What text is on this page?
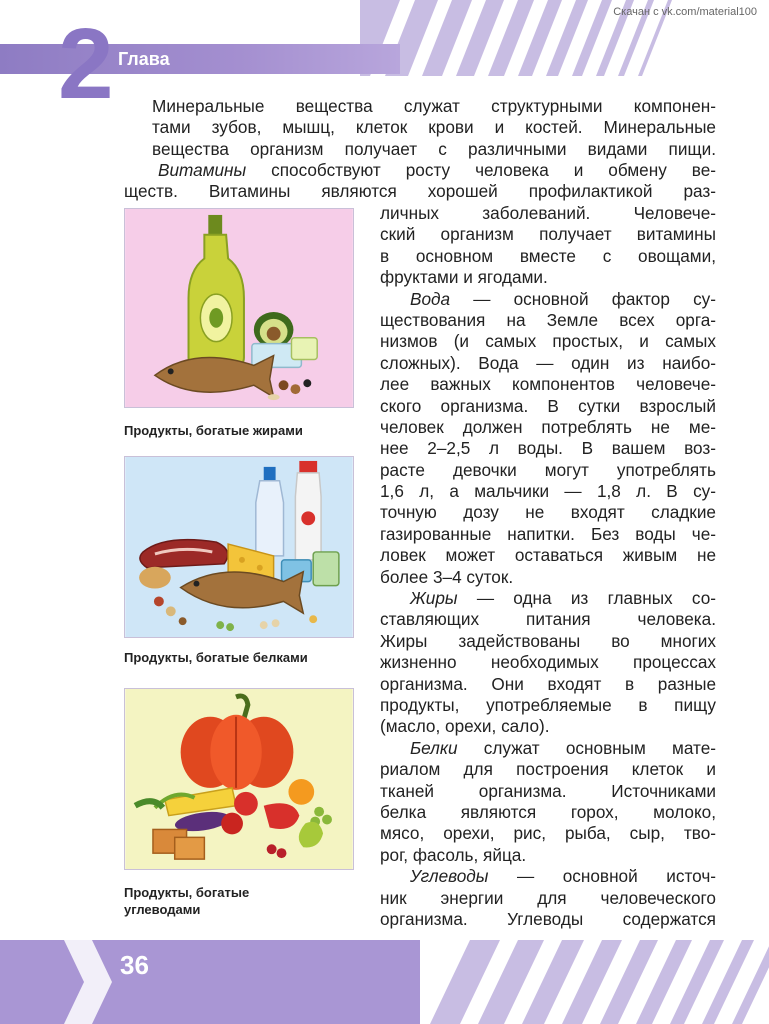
2 Глава
Скачан с vk.com/material100
Минеральные вещества служат структурными компонен-
тами зубов, мышц, клеток крови и костей. Минеральные
вещества организм получает с различными видами пищи.
Витамины способствуют росту человека и обмену ве-
ществ. Витамины являются хорошей профилактикой раз-
личных заболеваний. Человече-
ский организм получает витамины
в основном вместе с овощами,
фруктами и ягодами.
Вода — основной фактор су-
ществования на Земле всех орга-
низмов (и самых простых, и самых
сложных). Вода — один из наибо-
лее важных компонентов человече-
ского организма. В сутки взрослый
человек должен потреблять не ме-
нее 2–2,5 л воды. В вашем воз-
расте девочки могут употреблять
1,6 л, а мальчики — 1,8 л. В су-
точную дозу не входят сладкие
газированные напитки. Без воды че-
ловек может оставаться живым не
более 3–4 суток.
Жиры — одна из главных со-
ставляющих питания человека.
Жиры задействованы во многих
жизненно необходимых процессах
организма. Они входят в разные
продукты, употребляемые в пищу
(масло, орехи, сало).
Белки служат основным мате-
риалом для построения клеток и
тканей организма. Источниками
белка являются горох, молоко,
мясо, орехи, рис, рыба, сыр, тво-
рог, фасоль, яйца.
Углеводы — основной источ-
ник энергии для человеческого
организма. Углеводы содержатся
Продукты, богатые жирами
Продукты, богатые белками
Продукты, богатые
углеводами
36
